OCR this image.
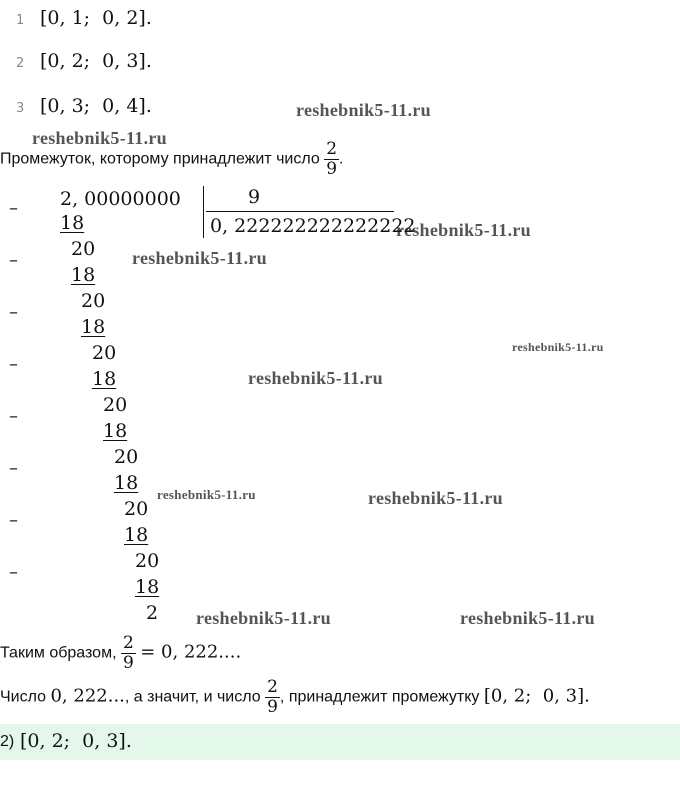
1 [0, 1;  0, 2].
2 [0, 2;  0, 3].
3 [0, 3;  0, 4].	reshebnik5-11.ru
reshebnik5-11.ru
reshebnik5-11.ru
reshebnik5-11.ru
reshebnik5-11.ru
reshebnik5-11.ru
reshebnik5-11.ru	reshebnik5-11.ru
reshebnik5-11.ru	reshebnik5-11.ru
Промежуток, которому принадлежит число $\frac{2}{9}$ .
2, 00000000	9
0, 222222222222222
–
18
20
–
18
20
–
18
20
–
18
20
–
18
20
–
18
20
–
18
20
–
18
2
Таким образом, $\frac{2}{9} = 0$, 222....
Число 0, 222..., а значит, и число $\frac{2}{9}$ , принадлежит промежутку [0, 2;  0, 3].
2) [0, 2;  0, 3].
